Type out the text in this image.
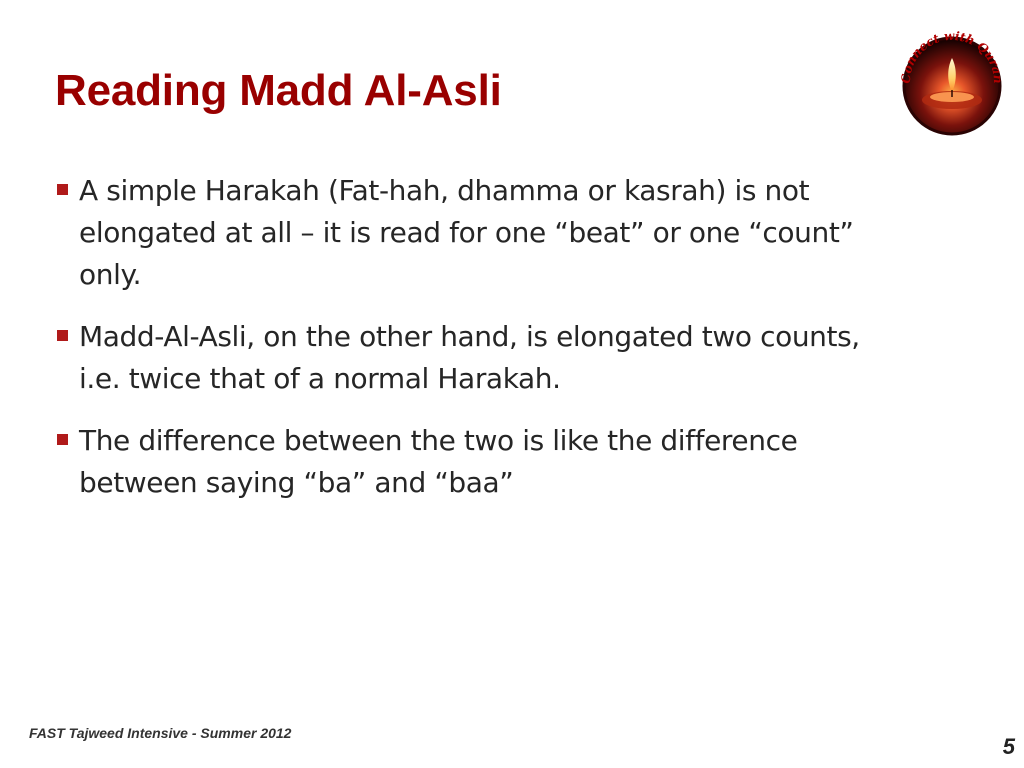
Reading Madd Al-Asli	Connect with Quran
A simple Harakah (Fat-hah, dhamma or kasrah) is not elongated at all – it is read for one “beat” or one “count” only.
Madd-Al-Asli, on the other hand, is elongated two counts, i.e. twice that of a normal Harakah.
The difference between the two is like the difference between saying “ba” and “baa”
FAST Tajweed Intensive - Summer 2012
5
